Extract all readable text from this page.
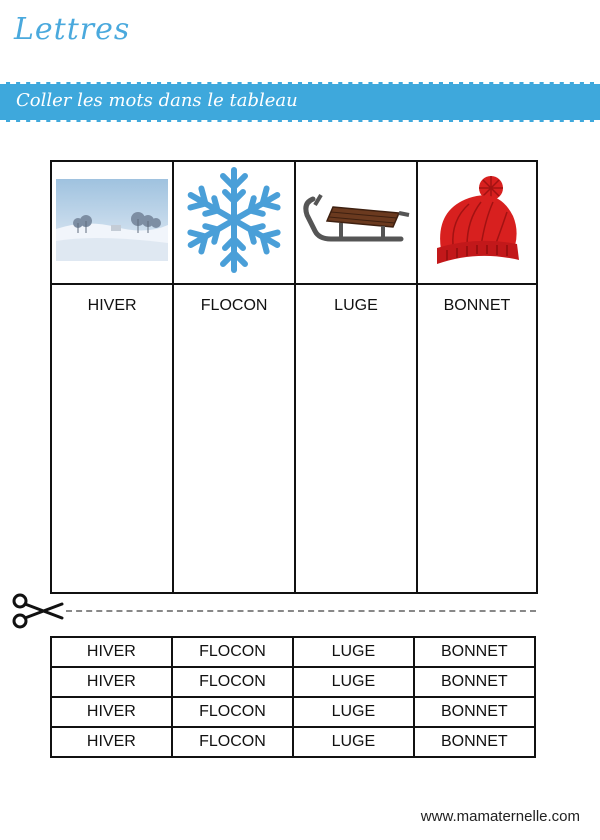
Lettres
Coller les mots dans le tableau

HIVER	FLOCON	LUGE	BONNET
HIVER	FLOCON	LUGE	BONNET
HIVER	FLOCON	LUGE	BONNET
HIVER	FLOCON	LUGE	BONNET
HIVER	FLOCON	LUGE	BONNET
www.mamaternelle.com
